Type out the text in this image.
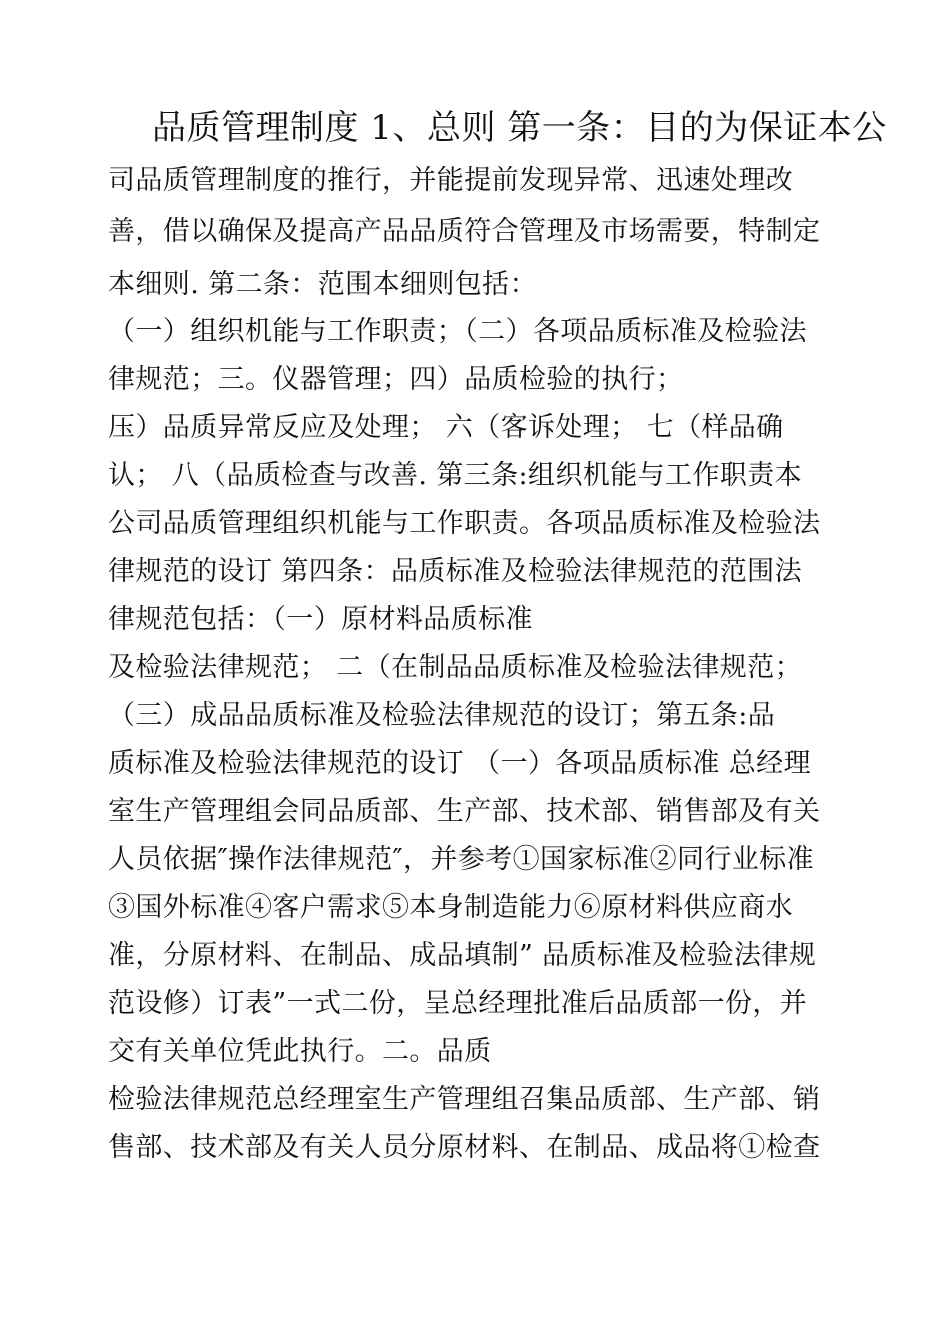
品质管理制度 1、总则 第一条：目的为保证本公
司品质管理制度的推行，并能提前发现异常、迅速处理改
善，借以确保及提高产品品质符合管理及市场需要，特制定
本细则. 第二条：范围本细则包括：
（一）组织机能与工作职责；（二）各项品质标准及检验法
律规范；三。仪器管理；四）品质检验的执行；
压）品质异常反应及处理； 六（客诉处理； 七（样品确
认； 八（品质检查与改善. 第三条:组织机能与工作职责本
公司品质管理组织机能与工作职责。各项品质标准及检验法
律规范的设订 第四条：品质标准及检验法律规范的范围法
律规范包括：（一）原材料品质标准
及检验法律规范； 二（在制品品质标准及检验法律规范；
（三）成品品质标准及检验法律规范的设订；第五条:品
质标准及检验法律规范的设订 （一）各项品质标准 总经理
室生产管理组会同品质部、生产部、技术部、销售部及有关
人员依据″操作法律规范″，并参考①国家标准②同行业标准
③国外标准④客户需求⑤本身制造能力⑥原材料供应商水
准，分原材料、在制品、成品填制” 品质标准及检验法律规
范设修）订表”一式二份，呈总经理批准后品质部一份，并
交有关单位凭此执行。二。品质
检验法律规范总经理室生产管理组召集品质部、生产部、销
售部、技术部及有关人员分原材料、在制品、成品将①检查
